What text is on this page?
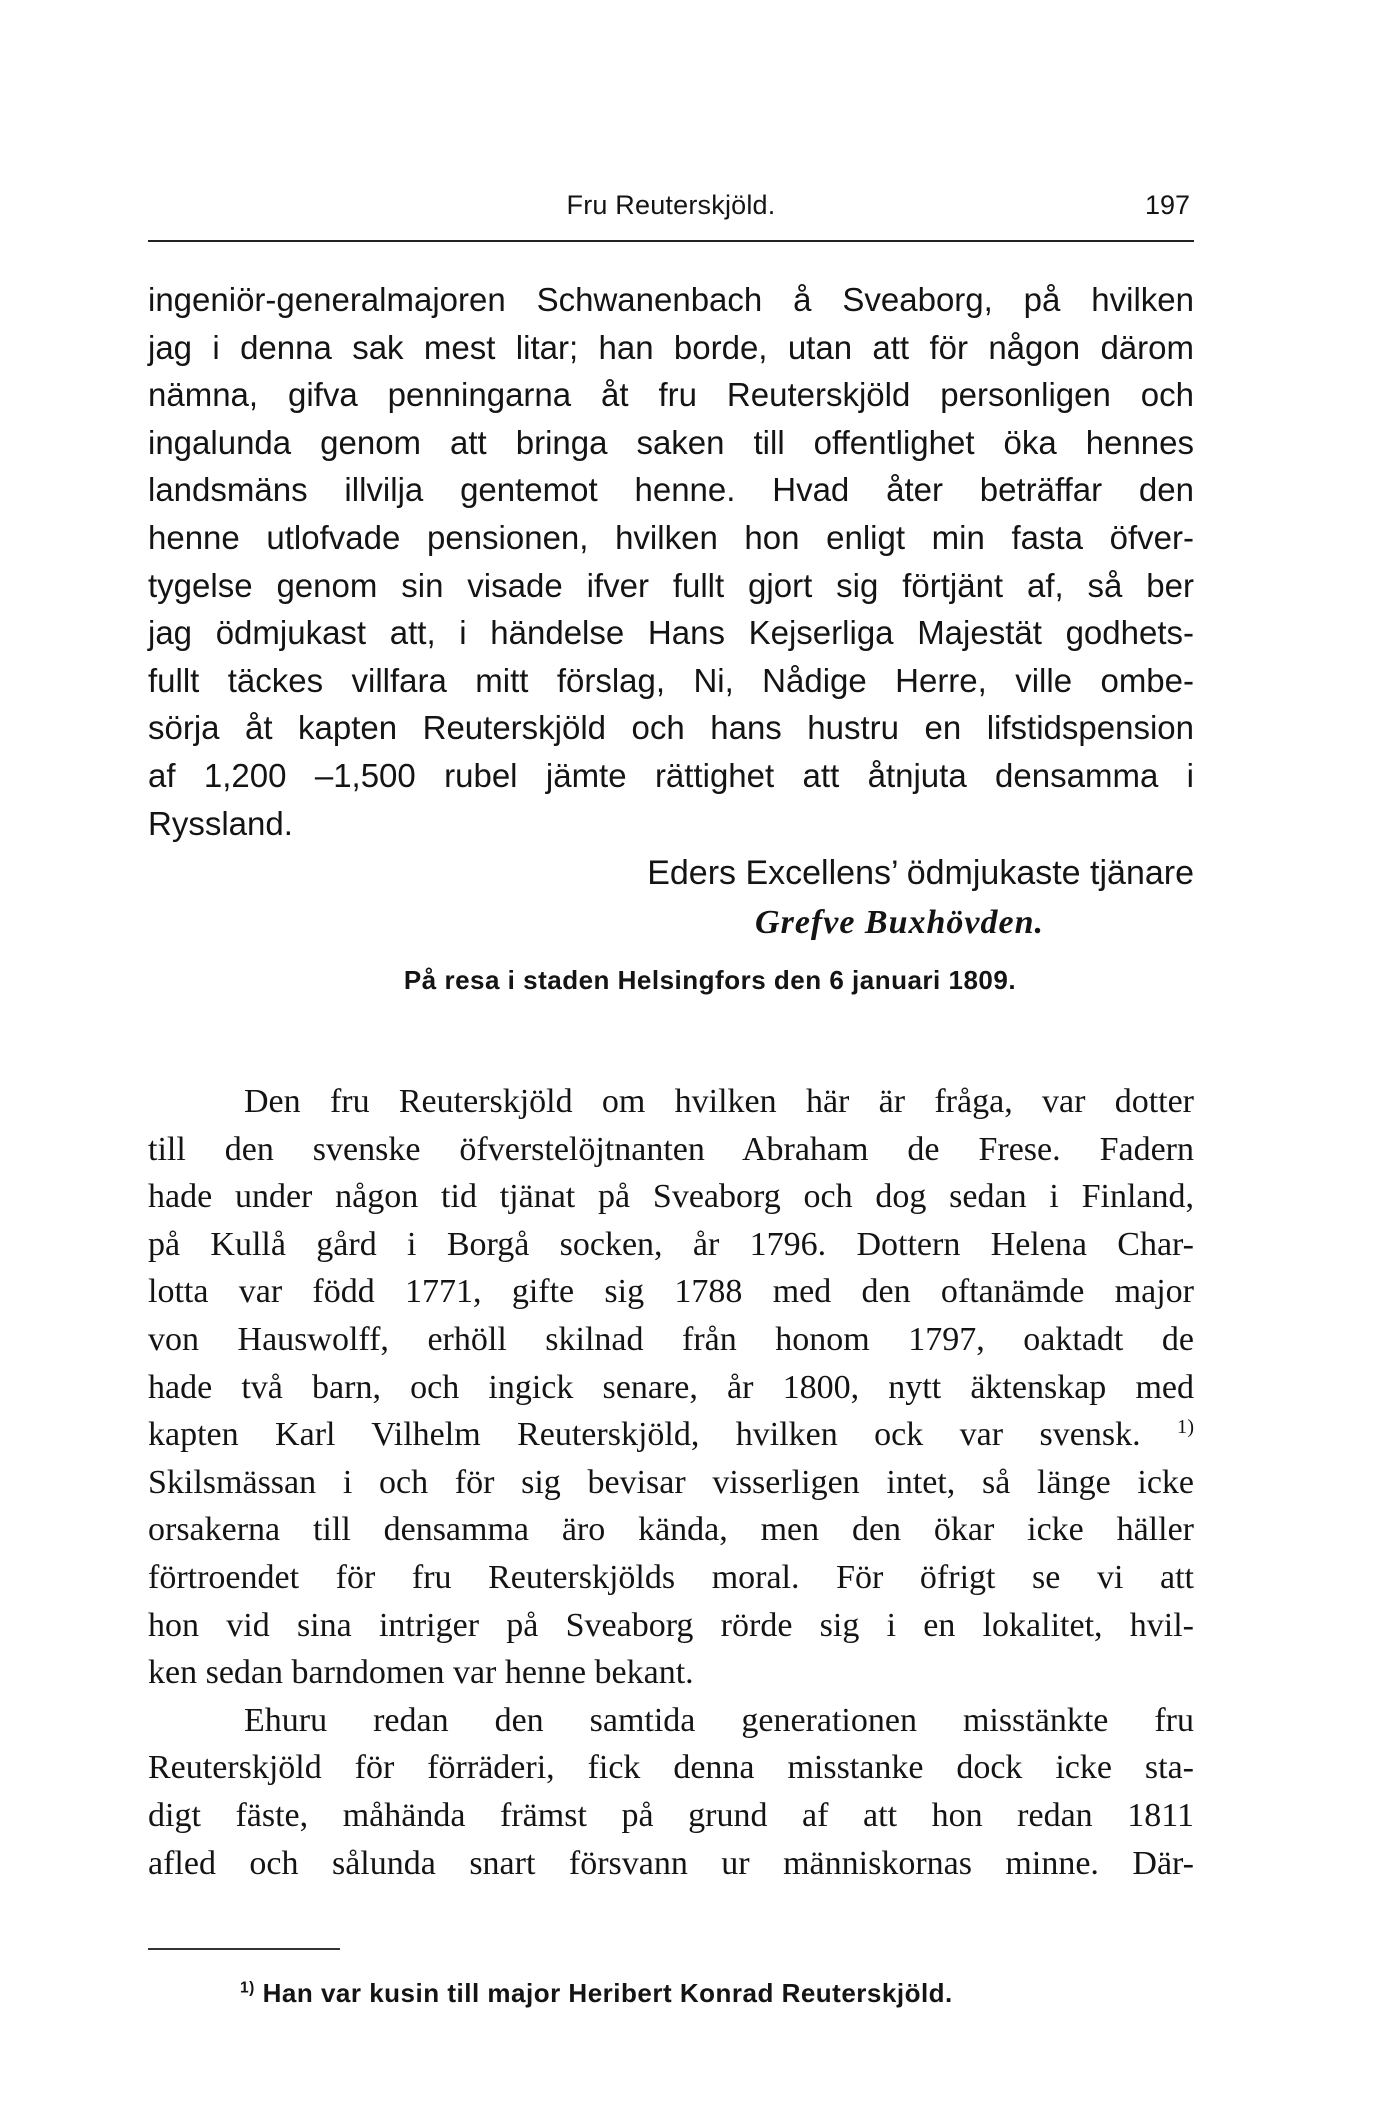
Fru Reuterskjöld.	197
ingeniör-generalmajoren Schwanenbach å Sveaborg, på hvilken
jag i denna sak mest litar; han borde, utan att för någon därom
nämna, gifva penningarna åt fru Reuterskjöld personligen och
ingalunda genom att bringa saken till offentlighet öka hennes
landsmäns illvilja gentemot henne. Hvad åter beträffar den
henne utlofvade pensionen, hvilken hon enligt min fasta öfver-
tygelse genom sin visade ifver fullt gjort sig förtjänt af, så ber
jag ödmjukast att, i händelse Hans Kejserliga Majestät godhets-
fullt täckes villfara mitt förslag, Ni, Nådige Herre, ville ombe-
sörja åt kapten Reuterskjöld och hans hustru en lifstidspension
af 1,200 –1,500 rubel jämte rättighet att åtnjuta densamma i
Ryssland.
Eders Excellens’ ödmjukaste tjänare
Grefve Buxhövden.
På resa i staden Helsingfors den 6 januari 1809.
Den fru Reuterskjöld om hvilken här är fråga, var dotter
till den svenske öfverstelöjtnanten Abraham de Frese. Fadern
hade under någon tid tjänat på Sveaborg och dog sedan i Finland,
på Kullå gård i Borgå socken, år 1796. Dottern Helena Char-
lotta var född 1771, gifte sig 1788 med den oftanämde major
von Hauswolff, erhöll skilnad från honom 1797, oaktadt de
hade två barn, och ingick senare, år 1800, nytt äktenskap med
kapten Karl Vilhelm Reuterskjöld, hvilken ock var svensk. $^{1)}$
Skilsmässan i och för sig bevisar visserligen intet, så länge icke
orsakerna till densamma äro kända, men den ökar icke häller
förtroendet för fru Reuterskjölds moral. För öfrigt se vi att
hon vid sina intriger på Sveaborg rörde sig i en lokalitet, hvil-
ken sedan barndomen var henne bekant.
Ehuru redan den samtida generationen misstänkte fru
Reuterskjöld för förräderi, fick denna misstanke dock icke sta-
digt fäste, måhända främst på grund af att hon redan 1811
afled och sålunda snart försvann ur människornas minne. Där-
$^{1)}$ Han var kusin till major Heribert Konrad Reuterskjöld.
